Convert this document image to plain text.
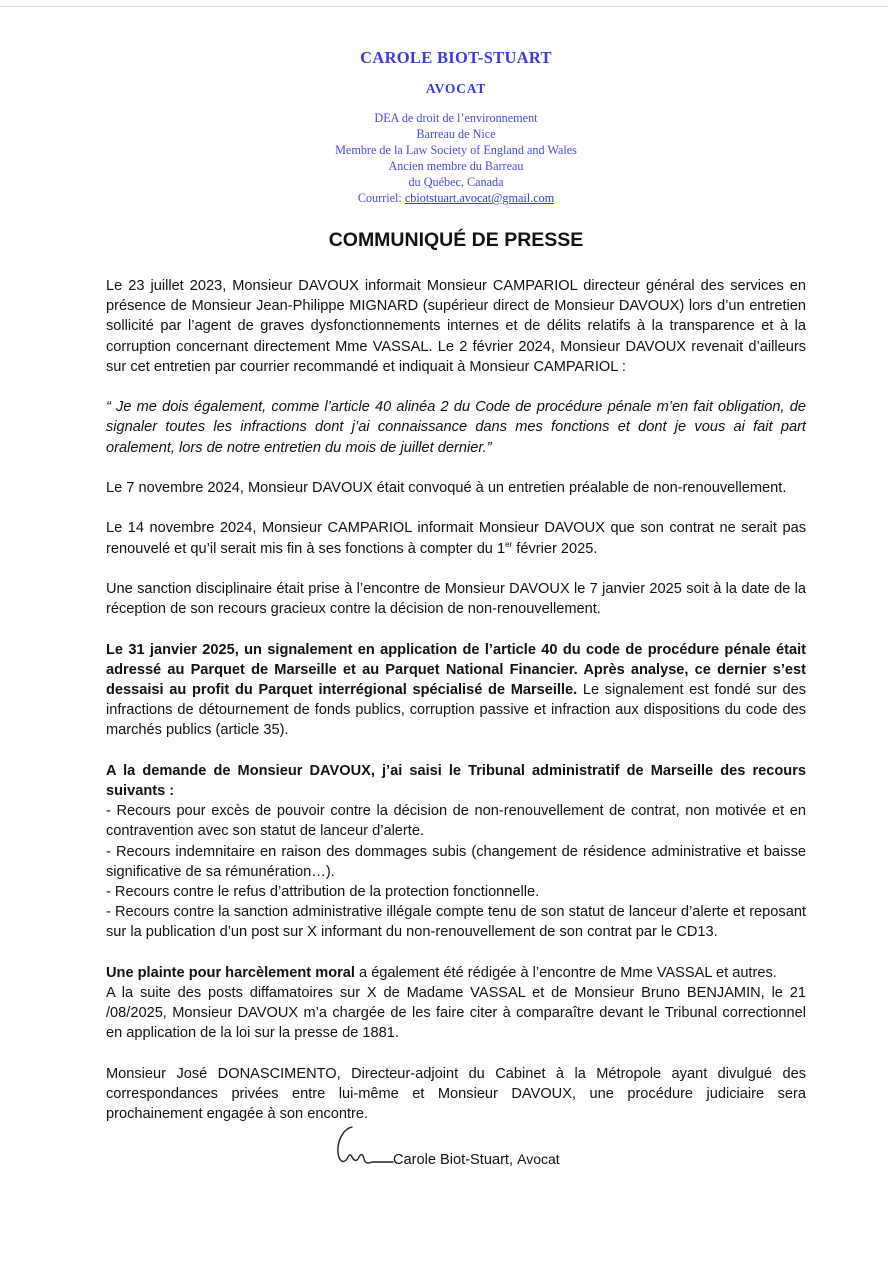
CAROLE BIOT-STUART
AVOCAT
DEA de droit de l’environnement
Barreau de Nice
Membre de la Law Society of England and Wales
Ancien membre du Barreau
du Québec, Canada
Courriel: cbiotstuart.avocat@gmail.com
COMMUNIQUÉ DE PRESSE

Le 23 juillet 2023, Monsieur DAVOUX informait Monsieur CAMPARIOL directeur général des services en présence de Monsieur Jean-Philippe MIGNARD (supérieur direct de Monsieur DAVOUX) lors d’un entretien sollicité par l’agent de graves dysfonctionnements internes et de délits relatifs à la transparence et à la corruption concernant directement Mme VASSAL. Le 2 février 2024, Monsieur DAVOUX revenait d’ailleurs sur cet entretien par courrier recommandé et indiquait à Monsieur CAMPARIOL :

“ Je me dois également, comme l’article 40 alinéa 2 du Code de procédure pénale m’en fait obligation, de signaler toutes les infractions dont j’ai connaissance dans mes fonctions et dont je vous ai fait part oralement, lors de notre entretien du mois de juillet dernier.”

Le 7 novembre 2024, Monsieur DAVOUX était convoqué à un entretien préalable de non-renouvellement.

Le 14 novembre 2024, Monsieur CAMPARIOL informait Monsieur DAVOUX que son contrat ne serait pas renouvelé et qu’il serait mis fin à ses fonctions à compter du 1er février 2025.

Une sanction disciplinaire était prise à l’encontre de Monsieur DAVOUX le 7 janvier 2025 soit à la date de la réception de son recours gracieux contre la décision de non-renouvellement.

Le 31 janvier 2025, un signalement en application de l’article 40 du code de procédure pénale était adressé au Parquet de Marseille et au Parquet National Financier. Après analyse, ce dernier s’est dessaisi au profit du Parquet interrégional spécialisé de Marseille. Le signalement est fondé sur des infractions de détournement de fonds publics, corruption passive et infraction aux dispositions du code des marchés publics (article 35).

A la demande de Monsieur DAVOUX, j’ai saisi le Tribunal administratif de Marseille des recours suivants :

- Recours pour excès de pouvoir contre la décision de non-renouvellement de contrat, non motivée et en contravention avec son statut de lanceur d’alerte.

- Recours indemnitaire en raison des dommages subis (changement de résidence administrative et baisse significative de sa rémunération…).

- Recours contre le refus d’attribution de la protection fonctionnelle.

- Recours contre la sanction administrative illégale compte tenu de son statut de lanceur d’alerte et reposant sur la publication d’un post sur X informant du non-renouvellement de son contrat par le CD13.

Une plainte pour harcèlement moral a également été rédigée à l’encontre de Mme VASSAL et autres.

A la suite des posts diffamatoires sur X de Madame VASSAL et de Monsieur Bruno BENJAMIN, le 21 /08/2025, Monsieur DAVOUX m’a chargée de les faire citer à comparaître devant le Tribunal correctionnel en application de la loi sur la presse de 1881.

Monsieur José DONASCIMENTO, Directeur-adjoint du Cabinet à la Métropole ayant divulgué des correspondances privées entre lui-même et Monsieur DAVOUX, une procédure judiciaire sera prochainement engagée à son encontre.

Carole Biot-Stuart, Avocat
